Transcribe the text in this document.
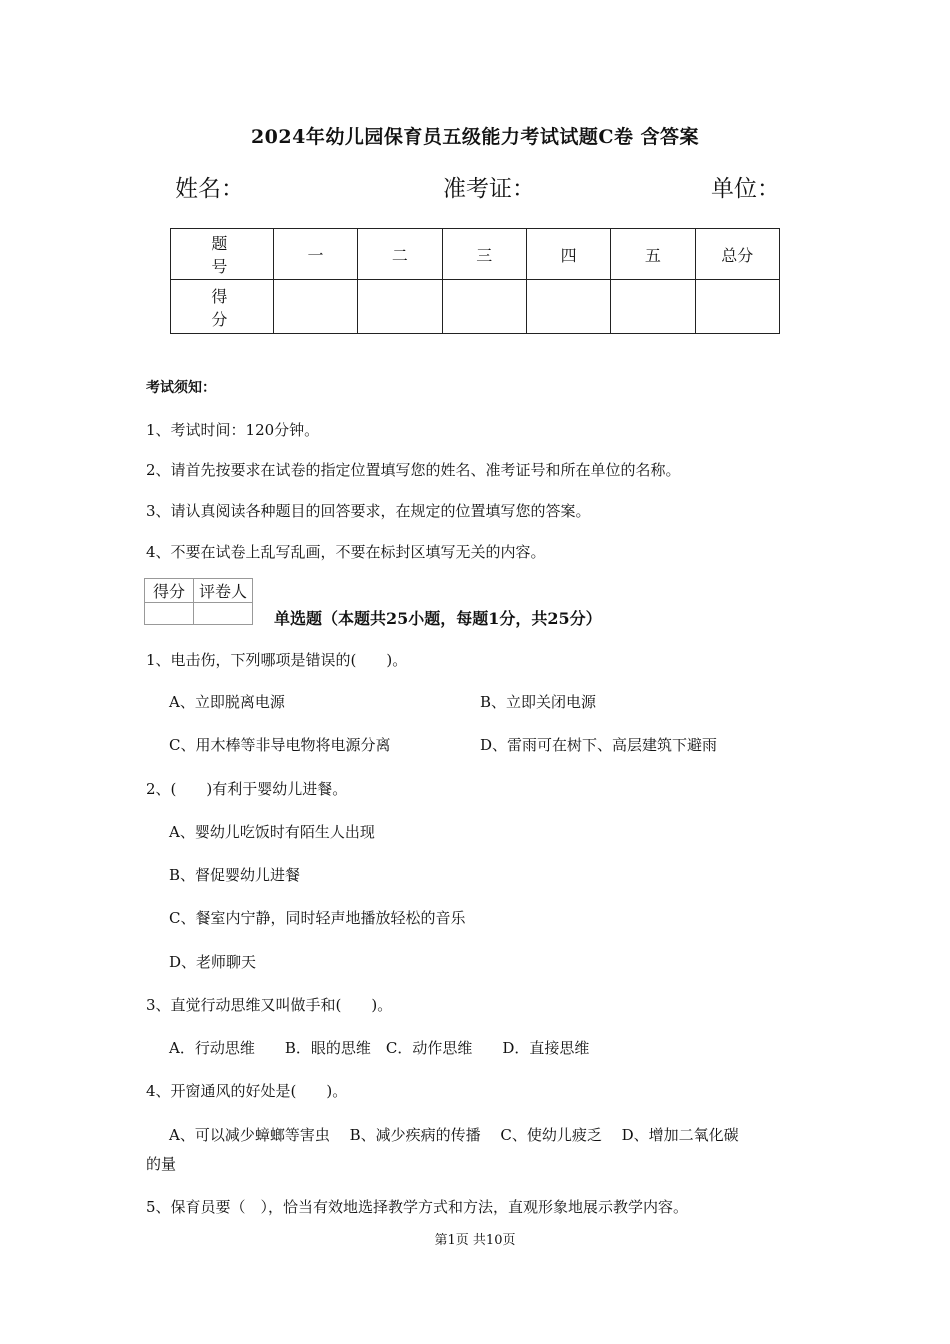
2024年幼儿园保育员五级能力考试试题C卷 含答案
姓名：	准考证：	单位：
题 号	一	二	三	四	五	总分
得 分						
考试须知：
1、考试时间：120分钟。
2、请首先按要求在试卷的指定位置填写您的姓名、准考证号和所在单位的名称。
3、请认真阅读各种题目的回答要求，在规定的位置填写您的答案。
4、不要在试卷上乱写乱画，不要在标封区填写无关的内容。
得分	评卷人

单选题（本题共25小题，每题1分，共25分）
1、电击伤，下列哪项是错误的(　　)。
A、立即脱离电源	B、立即关闭电源
C、用木棒等非导电物将电源分离	D、雷雨可在树下、高层建筑下避雨
2、(　　)有利于婴幼儿进餐。
A、婴幼儿吃饭时有陌生人出现
B、督促婴幼儿进餐
C、餐室内宁静，同时轻声地播放轻松的音乐
D、老师聊天
3、直觉行动思维又叫做手和(　　)。
A．行动思维　　B．眼的思维　C．动作思维　　D．直接思维
4、开窗通风的好处是(　　)。
A、可以减少蟑螂等害虫　 B、减少疾病的传播　 C、使幼儿疲乏　 D、增加二氧化碳
的量
5、保育员要（　），恰当有效地选择教学方式和方法，直观形象地展示教学内容。
第1页 共10页
